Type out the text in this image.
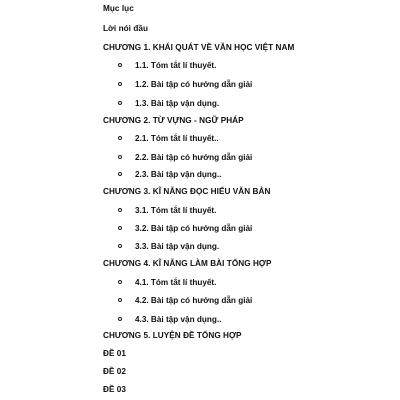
Mục lục
Lời nói đầu
CHƯƠNG 1. KHÁI QUÁT VỀ VĂN HỌC VIỆT NAM
1.1. Tóm tắt lí thuyết.
1.2. Bài tập có hướng dẫn giải
1.3. Bài tập vận dụng.
CHƯƠNG 2. TỪ VỰNG - NGỮ PHÁP
2.1. Tóm tắt lí thuyết..
2.2. Bài tập có hướng dẫn giải
2.3. Bài tập vận dụng..
CHƯƠNG 3. KĨ NĂNG ĐỌC HIỂU VĂN BẢN
3.1. Tóm tắt lí thuyết.
3.2. Bài tập có hướng dẫn giải
3.3. Bài tập vận dụng.
CHƯƠNG 4. KĨ NĂNG LÀM BÀI TỔNG HỢP
4.1. Tóm tắt lí thuyết.
4.2. Bài tập có hướng dẫn giải
4.3. Bài tập vận dụng..
CHƯƠNG 5. LUYỆN ĐỀ TỔNG HỢP
ĐỀ 01
ĐỀ 02
ĐỀ 03
